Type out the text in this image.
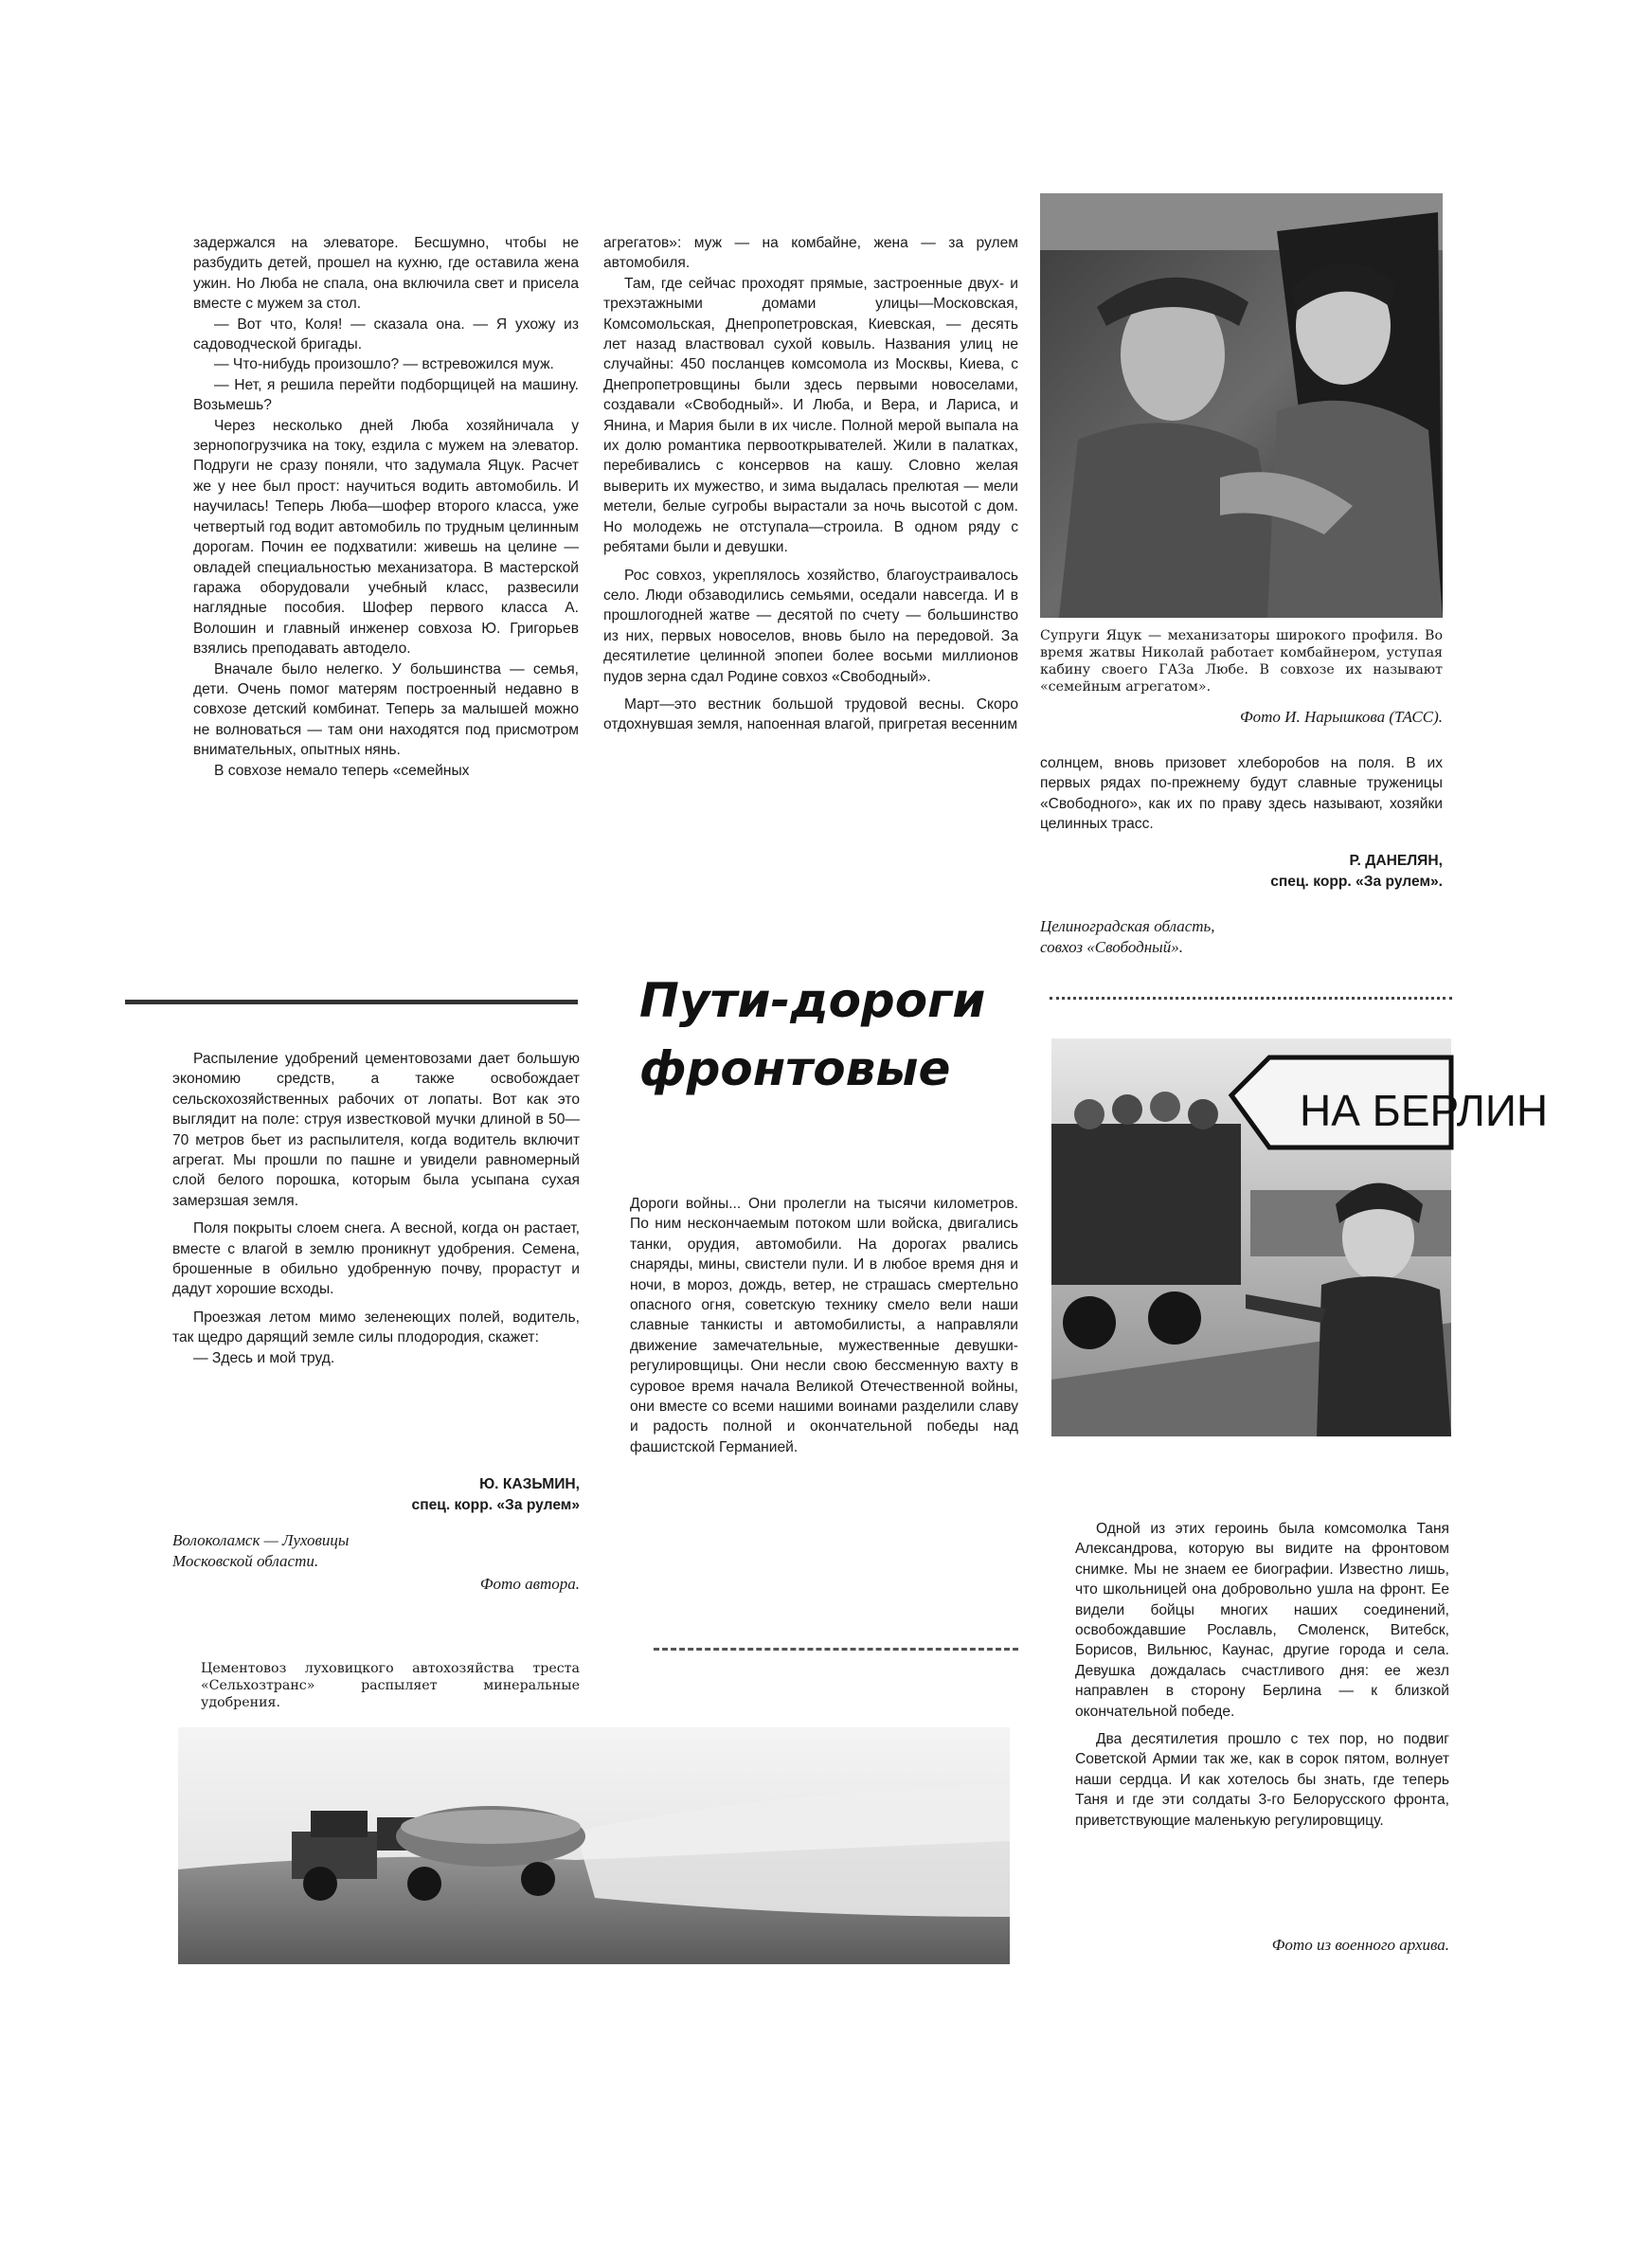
задержался на элеваторе. Бесшумно, чтобы не разбудить детей, прошел на кухню, где оставила жена ужин. Но Люба не спала, она включила свет и присела вместе с мужем за стол.

— Вот что, Коля! — сказала она. — Я ухожу из садоводческой бригады.

— Что-нибудь произошло? — встревожился муж.

— Нет, я решила перейти подборщицей на машину. Возьмешь?

Через несколько дней Люба хозяйничала у зернопогрузчика на току, ездила с мужем на элеватор. Подруги не сразу поняли, что задумала Яцук. Расчет же у нее был прост: научиться водить автомобиль. И научилась! Теперь Люба—шофер второго класса, уже четвертый год водит автомобиль по трудным целинным дорогам. Почин ее подхватили: живешь на целине — овладей специальностью механизатора. В мастерской гаража оборудовали учебный класс, развесили наглядные пособия. Шофер первого класса А. Волошин и главный инженер совхоза Ю. Григорьев взялись преподавать автодело.

Вначале было нелегко. У большинства — семья, дети. Очень помог матерям построенный недавно в совхозе детский комбинат. Теперь за малышей можно не волноваться — там они находятся под присмотром внимательных, опытных нянь.

В совхозе немало теперь «семейных

агрегатов»: муж — на комбайне, жена — за рулем автомобиля.

Там, где сейчас проходят прямые, застроенные двух- и трехэтажными домами улицы—Московская, Комсомольская, Днепропетровская, Киевская, — десять лет назад властвовал сухой ковыль. Названия улиц не случайны: 450 посланцев комсомола из Москвы, Киева, с Днепропетровщины были здесь первыми новоселами, создавали «Свободный». И Люба, и Вера, и Лариса, и Янина, и Мария были в их числе. Полной мерой выпала на их долю романтика первооткрывателей. Жили в палатках, перебивались с консервов на кашу. Словно желая выверить их мужество, и зима выдалась прелютая — мели метели, белые сугробы вырастали за ночь высотой с дом. Но молодежь не отступала—строила. В одном ряду с ребятами были и девушки.

Рос совхоз, укреплялось хозяйство, благоустраивалось село. Люди обзаводились семьями, оседали навсегда. И в прошлогодней жатве — десятой по счету — большинство из них, первых новоселов, вновь было на передовой. За десятилетие целинной эпопеи более восьми миллионов пудов зерна сдал Родине совхоз «Свободный».

Март—это вестник большой трудовой весны. Скоро отдохнувшая земля, напоенная влагой, пригретая весенним

Супруги Яцук — механизаторы широкого профиля. Во время жатвы Николай работает комбайнером, уступая кабину своего ГАЗа Любе. В совхозе их называют «семейным агрегатом».

Фото И. Нарышкова (ТАСС).

солнцем, вновь призовет хлеборобов на поля. В их первых рядах по-прежнему будут славные труженицы «Свободного», как их по праву здесь называют, хозяйки целинных трасс.

Р. ДАНЕЛЯН,

спец. корр. «За рулем».

Целиноградская область,

совхоз «Свободный».

Распыление удобрений цементовозами дает большую экономию средств, а также освобождает сельскохозяйственных рабочих от лопаты. Вот как это выглядит на поле: струя известковой мучки длиной в 50—70 метров бьет из распылителя, когда водитель включит агрегат. Мы прошли по пашне и увидели равномерный слой белого порошка, которым была усыпана сухая замерзшая земля.

Поля покрыты слоем снега. А весной, когда он растает, вместе с влагой в землю проникнут удобрения. Семена, брошенные в обильно удобренную почву, прорастут и дадут хорошие всходы.

Проезжая летом мимо зеленеющих полей, водитель, так щедро дарящий земле силы плодородия, скажет:

— Здесь и мой труд.

Ю. КАЗЬМИН,

спец. корр. «За рулем»

Волоколамск — Луховицы

Московской области.

Фото автора.

Цементовоз луховицкого автохозяйства треста «Сельхозтранс» распыляет минеральные удобрения.

Пути-дороги
фронтовые

Дороги войны... Они пролегли на тысячи километров. По ним нескончаемым потоком шли войска, двигались танки, орудия, автомобили. На дорогах рвались снаряды, мины, свистели пули. И в любое время дня и ночи, в мороз, дождь, ветер, не страшась смертельно опасного огня, советскую технику смело вели наши славные танкисты и автомобилисты, а направляли движение замечательные, мужественные девушки-регулировщицы. Они несли свою бессменную вахту в суровое время начала Великой Отечественной войны, они вместе со всеми нашими воинами разделили славу и радость полной и окончательной победы над фашистской Германией.

НА БЕРЛИН

Одной из этих героинь была комсомолка Таня Александрова, которую вы видите на фронтовом снимке. Мы не знаем ее биографии. Известно лишь, что школьницей она добровольно ушла на фронт. Ее видели бойцы многих наших соединений, освобождавшие Рославль, Смоленск, Витебск, Борисов, Вильнюс, Каунас, другие города и села. Девушка дождалась счастливого дня: ее жезл направлен в сторону Берлина — к близкой окончательной победе.

Два десятилетия прошло с тех пор, но подвиг Советской Армии так же, как в сорок пятом, волнует наши сердца. И как хотелось бы знать, где теперь Таня и где эти солдаты 3-го Белорусского фронта, приветствующие маленькую регулировщицу.

Фото из военного архива.
